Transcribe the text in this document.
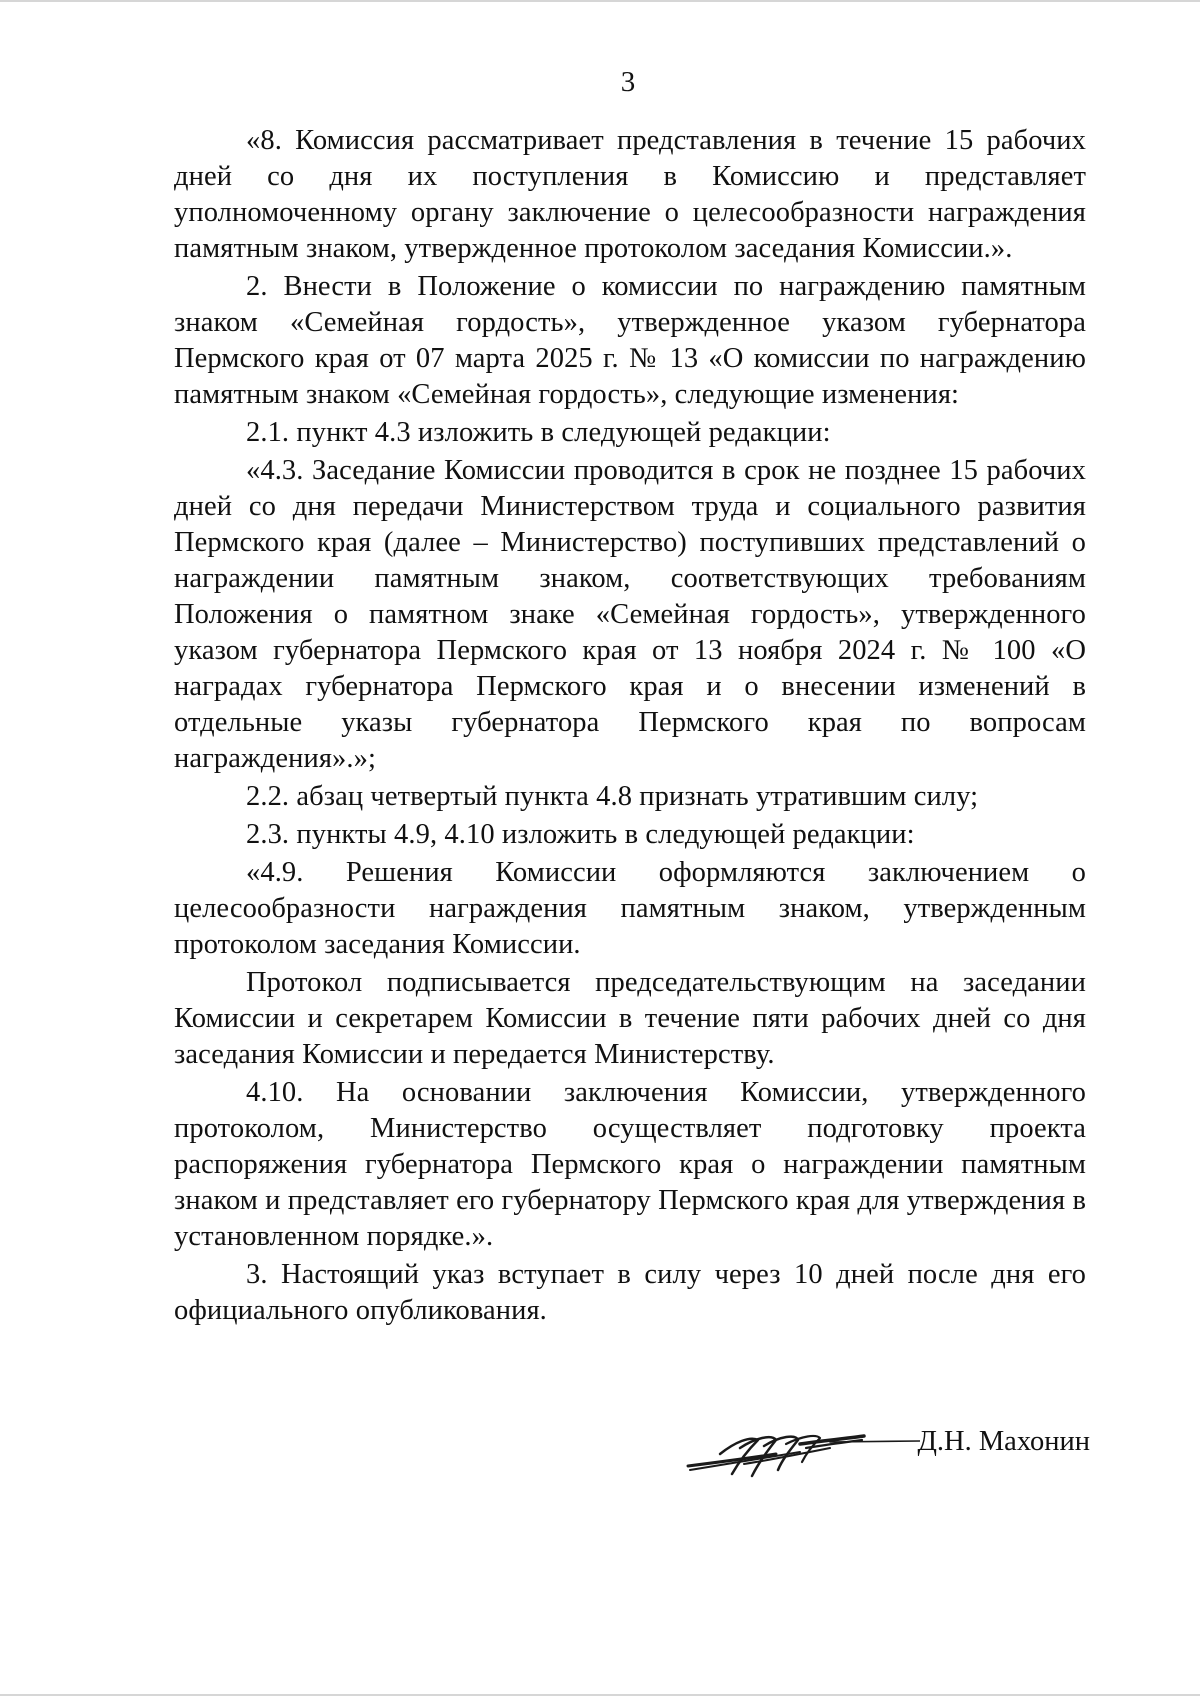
3

«8. Комиссия рассматривает представления в течение 15 рабочих дней со дня их поступления в Комиссию и представляет уполномоченному органу заключение о целесообразности награждения памятным знаком, утвержденное протоколом заседания Комиссии.».

2. Внести в Положение о комиссии по награждению памятным знаком «Семейная гордость», утвержденное указом губернатора Пермского края от 07 марта 2025 г. № 13 «О комиссии по награждению памятным знаком «Семейная гордость», следующие изменения:

2.1. пункт 4.3 изложить в следующей редакции:

«4.3. Заседание Комиссии проводится в срок не позднее 15 рабочих дней со дня передачи Министерством труда и социального развития Пермского края (далее – Министерство) поступивших представлений о награждении памятным знаком, соответствующих требованиям Положения о памятном знаке «Семейная гордость», утвержденного указом губернатора Пермского края от 13 ноября 2024 г. № 100 «О наградах губернатора Пермского края и о внесении изменений в отдельные указы губернатора Пермского края по вопросам награждения».»;

2.2. абзац четвертый пункта 4.8 признать утратившим силу;

2.3. пункты 4.9, 4.10 изложить в следующей редакции:

«4.9. Решения Комиссии оформляются заключением о целесообразности награждения памятным знаком, утвержденным протоколом заседания Комиссии.

Протокол подписывается председательствующим на заседании Комиссии и секретарем Комиссии в течение пяти рабочих дней со дня заседания Комиссии и передается Министерству.

4.10. На основании заключения Комиссии, утвержденного протоколом, Министерство осуществляет подготовку проекта распоряжения губернатора Пермского края о награждении памятным знаком и представляет его губернатору Пермского края для утверждения в установленном порядке.».

3. Настоящий указ вступает в силу через 10 дней после дня его официального опубликования.

Д.Н. Махонин
